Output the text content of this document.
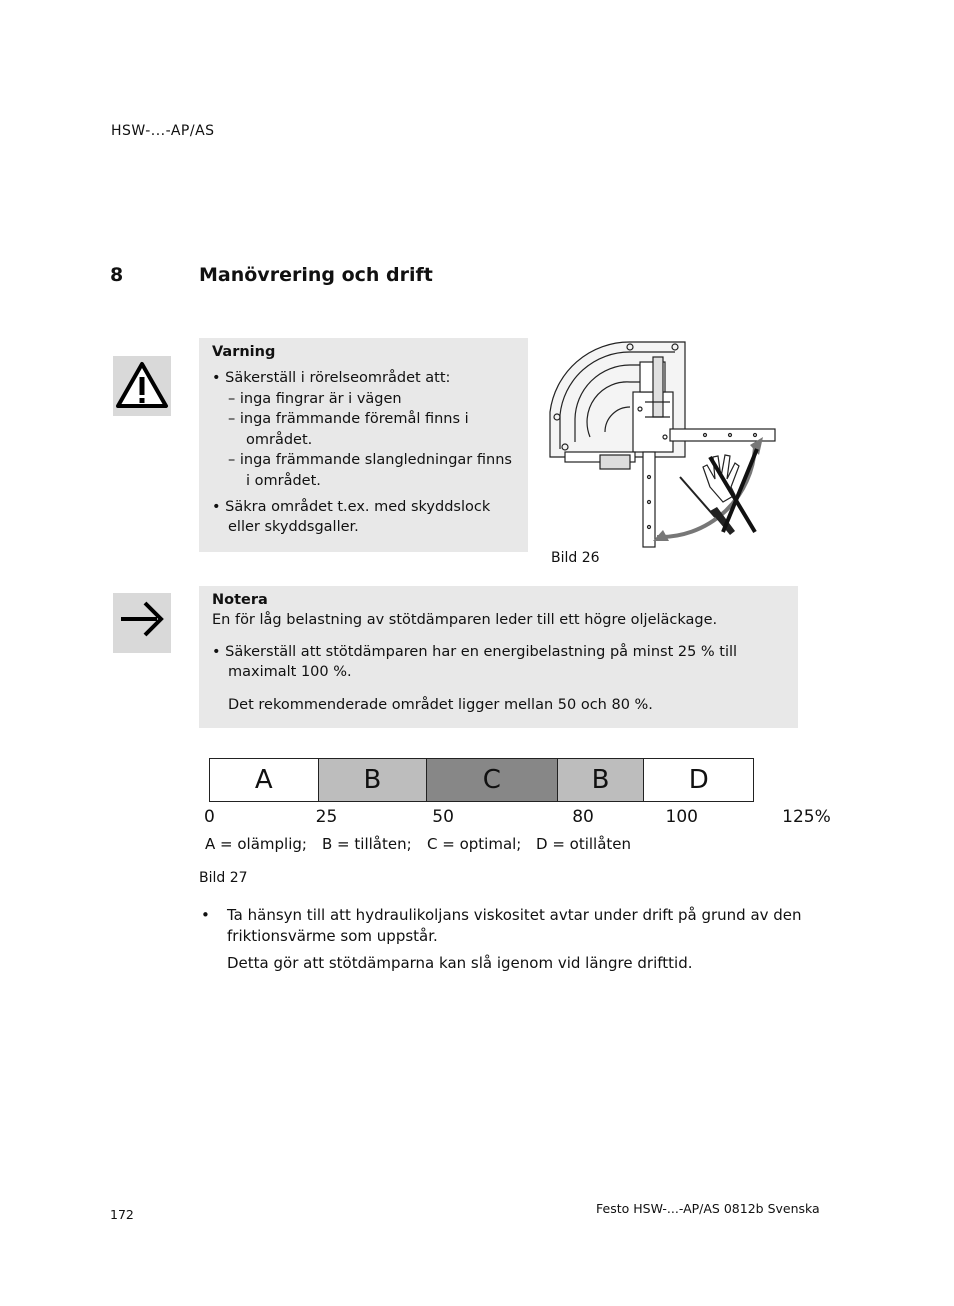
HSW-...-AP/AS
8	Manövrering och drift
Varning
• Säkerställ i rörelseområdet att:
– inga fingrar är i vägen
– inga främmande föremål finns i
området.
– inga främmande slangledningar finns
i området.
• Säkra området t.ex. med skyddslock
eller skyddsgaller.
Bild 26
Notera
En för låg belastning av stötdämparen leder till ett högre oljeläckage.
• Säkerställ att stötdämparen har en energibelastning på minst 25 % till
maximalt 100 %.
Det rekommenderade området ligger mellan 50 och 80 %.
A	B	C	B	D
0	25	50	80	100	125%
A = olämplig; B = tillåten; C = optimal; D = otillåten
Bild 27
• Ta hänsyn till att hydraulikoljans viskositet avtar under drift på grund av den
friktionsvärme som uppstår.
Detta gör att stötdämparna kan slå igenom vid längre drifttid.
172	Festo HSW-...-AP/AS 0812b Svenska
